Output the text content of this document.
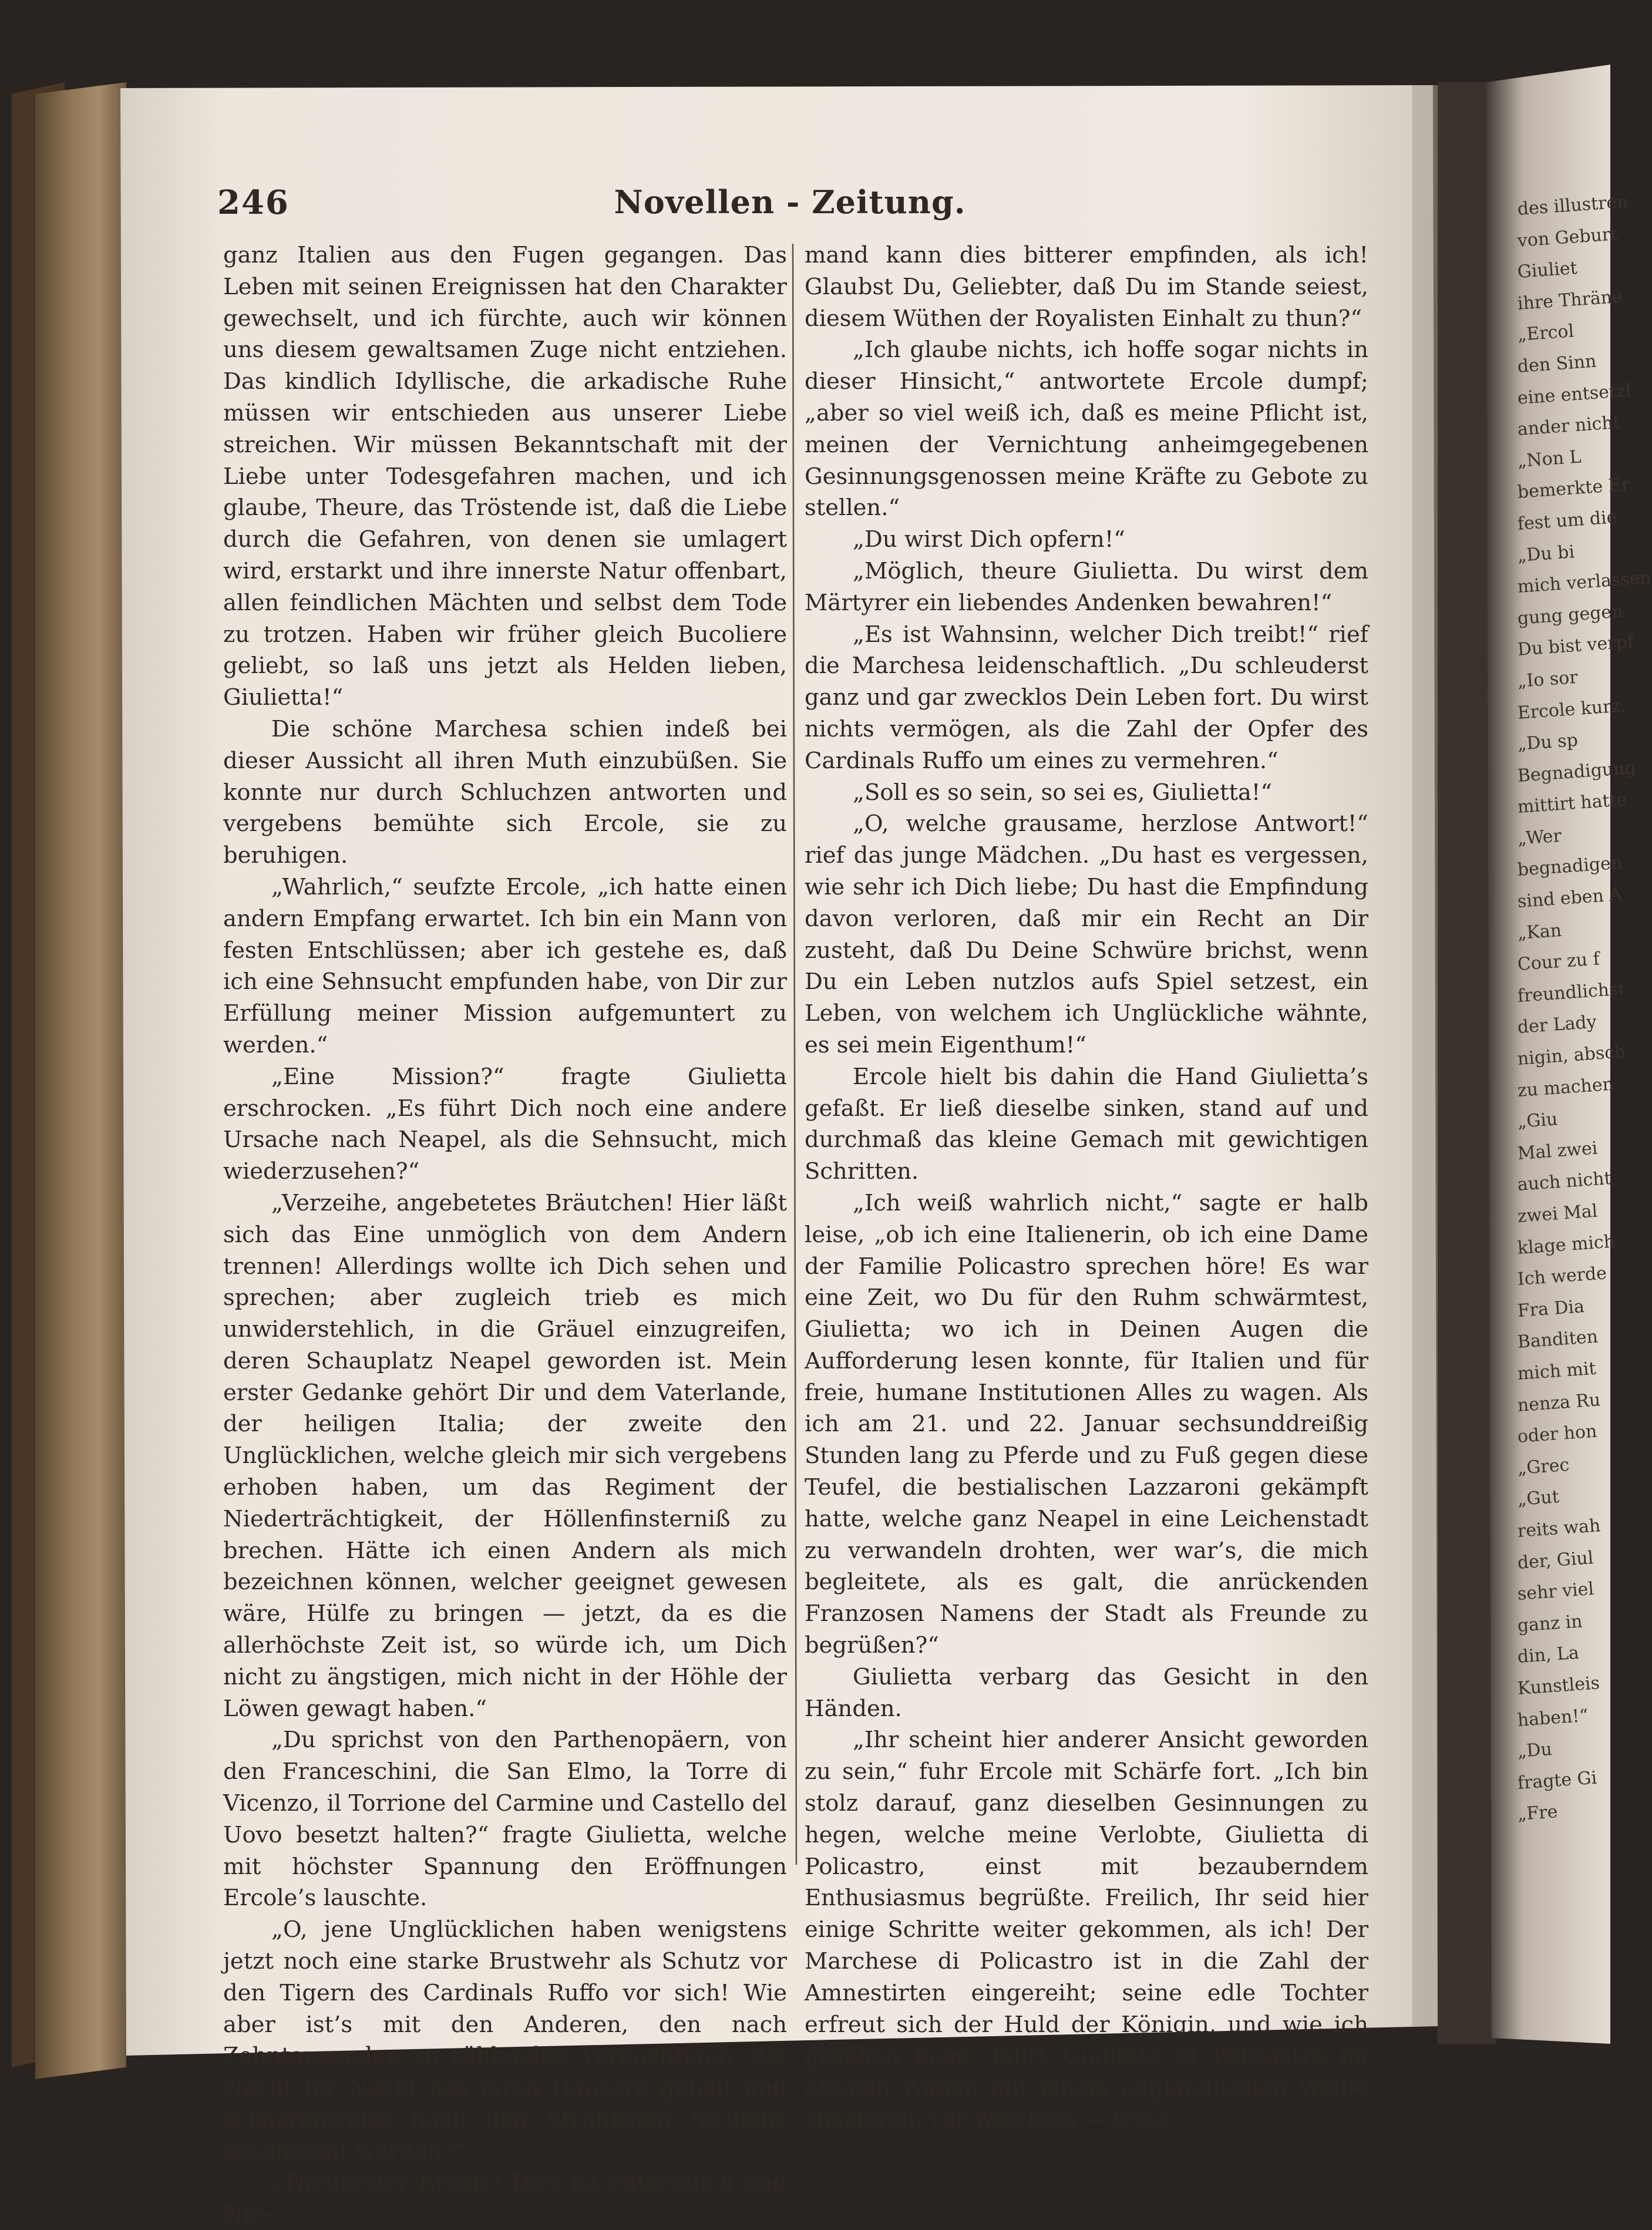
246	Novellen - Zeitung.

ganz Italien aus den Fugen gegangen. Das Leben mit seinen Ereignissen hat den Charakter gewechselt, und ich fürchte, auch wir können uns diesem gewaltsamen Zuge nicht entziehen. Das kindlich Idyllische, die arkadische Ruhe müssen wir entschieden aus unserer Liebe streichen. Wir müssen Bekanntschaft mit der Liebe unter Todesgefahren machen, und ich glaube, Theure, das Tröstende ist, daß die Liebe durch die Gefahren, von denen sie umlagert wird, erstarkt und ihre innerste Natur offenbart, allen feindlichen Mächten und selbst dem Tode zu trotzen. Haben wir früher gleich Bucoliere geliebt, so laß uns jetzt als Helden lieben, Giulietta!“

Die schöne Marchesa schien indeß bei dieser Aussicht all ihren Muth einzubüßen. Sie konnte nur durch Schluchzen antworten und vergebens bemühte sich Ercole, sie zu beruhigen.

„Wahrlich,“ seufzte Ercole, „ich hatte einen andern Empfang erwartet. Ich bin ein Mann von festen Entschlüssen; aber ich gestehe es, daß ich eine Sehnsucht empfunden habe, von Dir zur Erfüllung meiner Mission aufgemuntert zu werden.“

„Eine Mission?“ fragte Giulietta erschrocken. „Es führt Dich noch eine andere Ursache nach Neapel, als die Sehnsucht, mich wiederzusehen?“

„Verzeihe, angebetetes Bräutchen! Hier läßt sich das Eine unmöglich von dem Andern trennen! Allerdings wollte ich Dich sehen und sprechen; aber zugleich trieb es mich unwiderstehlich, in die Gräuel einzugreifen, deren Schauplatz Neapel geworden ist. Mein erster Gedanke gehört Dir und dem Vaterlande, der heiligen Italia; der zweite den Unglücklichen, welche gleich mir sich vergebens erhoben haben, um das Regiment der Niederträchtigkeit, der Höllenfinsterniß zu brechen. Hätte ich einen Andern als mich bezeichnen können, welcher geeignet gewesen wäre, Hülfe zu bringen — jetzt, da es die allerhöchste Zeit ist, so würde ich, um Dich nicht zu ängstigen, mich nicht in der Höhle der Löwen gewagt haben.“

„Du sprichst von den Parthenopäern, von den Franceschini, die San Elmo, la Torre di Vicenzo, il Torrione del Carmine und Castello del Uovo besetzt halten?“ fragte Giulietta, welche mit höchster Spannung den Eröffnungen Ercole’s lauschte.

„O, jene Unglücklichen haben wenigstens jetzt noch eine starke Brustwehr als Schutz vor den Tigern des Cardinals Ruffo vor sich! Wie aber ist’s mit den Anderen, den nach Zehntausenden zu zählenden Verdächtigen, die Nacht für Nacht aus ihren Häusern geholt und schaarenweise nach den Strafinseln Siciliens geschleppt werden?“

„Theuerster Ercole! Dies ist entsetzlich und Nie-

mand kann dies bitterer empfinden, als ich! Glaubst Du, Geliebter, daß Du im Stande seiest, diesem Wüthen der Royalisten Einhalt zu thun?“

„Ich glaube nichts, ich hoffe sogar nichts in dieser Hinsicht,“ antwortete Ercole dumpf; „aber so viel weiß ich, daß es meine Pflicht ist, meinen der Vernichtung anheimgegebenen Gesinnungsgenossen meine Kräfte zu Gebote zu stellen.“

„Du wirst Dich opfern!“

„Möglich, theure Giulietta. Du wirst dem Märtyrer ein liebendes Andenken bewahren!“

„Es ist Wahnsinn, welcher Dich treibt!“ rief die Marchesa leidenschaftlich. „Du schleuderst ganz und gar zwecklos Dein Leben fort. Du wirst nichts vermögen, als die Zahl der Opfer des Cardinals Ruffo um eines zu vermehren.“

„Soll es so sein, so sei es, Giulietta!“

„O, welche grausame, herzlose Antwort!“ rief das junge Mädchen. „Du hast es vergessen, wie sehr ich Dich liebe; Du hast die Empfindung davon verloren, daß mir ein Recht an Dir zusteht, daß Du Deine Schwüre brichst, wenn Du ein Leben nutzlos aufs Spiel setzest, ein Leben, von welchem ich Unglückliche wähnte, es sei mein Eigenthum!“

Ercole hielt bis dahin die Hand Giulietta’s gefaßt. Er ließ dieselbe sinken, stand auf und durchmaß das kleine Gemach mit gewichtigen Schritten.

„Ich weiß wahrlich nicht,“ sagte er halb leise, „ob ich eine Italienerin, ob ich eine Dame der Familie Policastro sprechen höre! Es war eine Zeit, wo Du für den Ruhm schwärmtest, Giulietta; wo ich in Deinen Augen die Aufforderung lesen konnte, für Italien und für freie, humane Institutionen Alles zu wagen. Als ich am 21. und 22. Januar sechsunddreißig Stunden lang zu Pferde und zu Fuß gegen diese Teufel, die bestialischen Lazzaroni gekämpft hatte, welche ganz Neapel in eine Leichenstadt zu verwandeln drohten, wer war’s, die mich begleitete, als es galt, die anrückenden Franzosen Namens der Stadt als Freunde zu begrüßen?“

Giulietta verbarg das Gesicht in den Händen.

„Ihr scheint hier anderer Ansicht geworden zu sein,“ fuhr Ercole mit Schärfe fort. „Ich bin stolz darauf, ganz dieselben Gesinnungen zu hegen, welche meine Verlobte, Giulietta di Policastro, einst mit bezauberndem Enthusiasmus begrüßte. Freilich, Ihr seid hier einige Schritte weiter gekommen, als ich! Der Marchese di Policastro ist in die Zahl der Amnestirten eingereiht; seine edle Tochter erfreut sich der Huld der Königin, und wie ich gesehen habe, fährt Giulietta di Policastro im offenen Wagen mit jenem engländischen Weibe spazieren, vor welchem — trotz

des illustren
von Geburt
Giuliet
ihre Thräne
„Ercol
den Sinn
eine entsetzl
ander nicht
„Non L
bemerkte Er
fest um die
„Du bi
mich verlassen
gung gegen
Du bist verpf
„Io sor
Ercole kurz.
„Du sp
Begnadigung
mittirt hatte
„Wer
begnadigen
sind eben A
„Kan
Cour zu f
freundlichst
der Lady
nigin, absch
zu machen
„Giu
Mal zwei
auch nicht
zwei Mal
klage mich
Ich werde
Fra Dia
Banditen
mich mit
nenza Ru
oder hon
„Grec
„Gut
reits wah
der, Giul
sehr viel
ganz in
din, La
Kunstleis
haben!“
„Du
fragte Gi
„Fre
